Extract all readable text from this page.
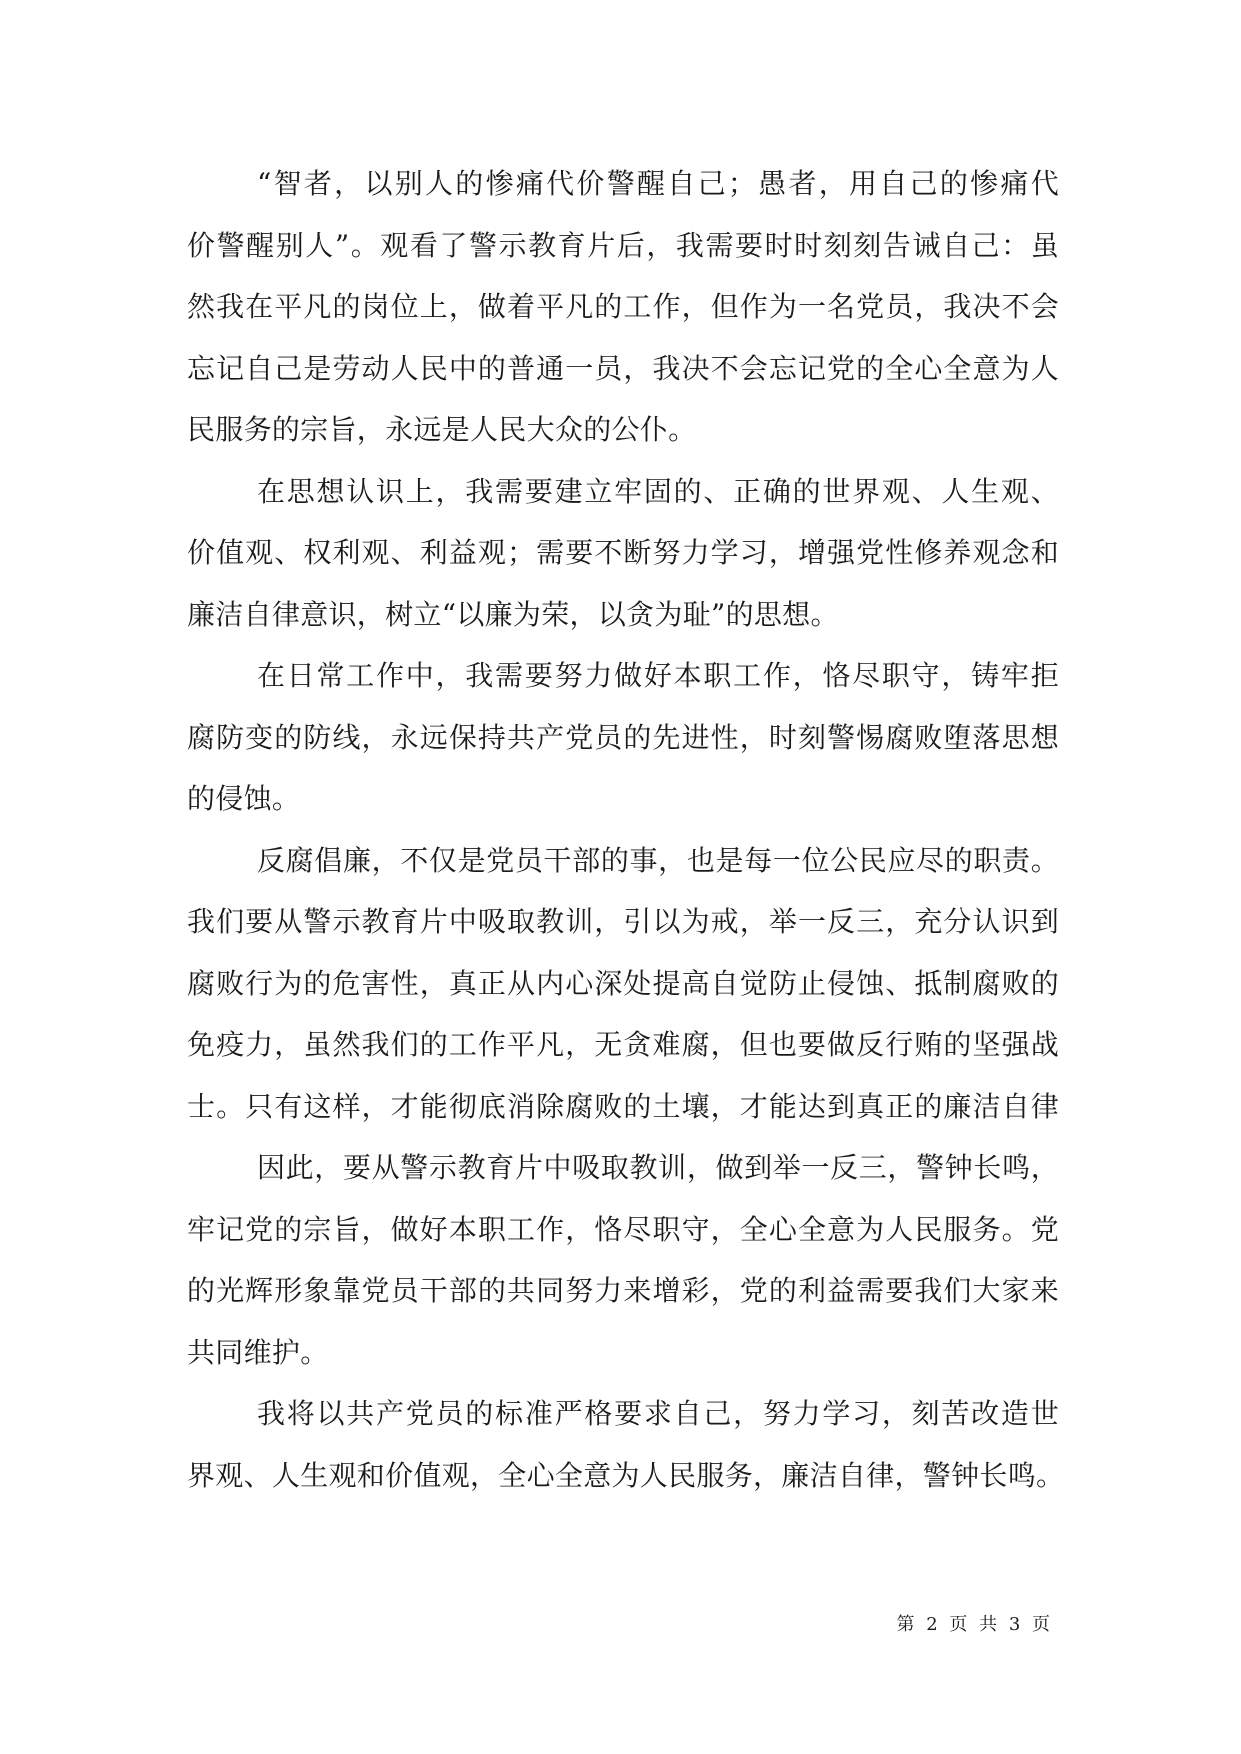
“智者，以别人的惨痛代价警醒自己；愚者，用自己的惨痛代
价警醒别人”。观看了警示教育片后，我需要时时刻刻告诫自己：虽
然我在平凡的岗位上，做着平凡的工作，但作为一名党员，我决不会
忘记自己是劳动人民中的普通一员，我决不会忘记党的全心全意为人
民服务的宗旨，永远是人民大众的公仆。
在思想认识上，我需要建立牢固的、正确的世界观、人生观、
价值观、权利观、利益观；需要不断努力学习，增强党性修养观念和
廉洁自律意识，树立“以廉为荣，以贪为耻”的思想。
在日常工作中，我需要努力做好本职工作，恪尽职守，铸牢拒
腐防变的防线，永远保持共产党员的先进性，时刻警惕腐败堕落思想
的侵蚀。
反腐倡廉，不仅是党员干部的事，也是每一位公民应尽的职责。
我们要从警示教育片中吸取教训，引以为戒，举一反三，充分认识到
腐败行为的危害性，真正从内心深处提高自觉防止侵蚀、抵制腐败的
免疫力，虽然我们的工作平凡，无贪难腐，但也要做反行贿的坚强战
士。只有这样，才能彻底消除腐败的土壤，才能达到真正的廉洁自律
因此，要从警示教育片中吸取教训，做到举一反三，警钟长鸣，
牢记党的宗旨，做好本职工作，恪尽职守，全心全意为人民服务。党
的光辉形象靠党员干部的共同努力来增彩，党的利益需要我们大家来
共同维护。
我将以共产党员的标准严格要求自己，努力学习，刻苦改造世
界观、人生观和价值观，全心全意为人民服务，廉洁自律，警钟长鸣。
第 2 页 共 3 页
